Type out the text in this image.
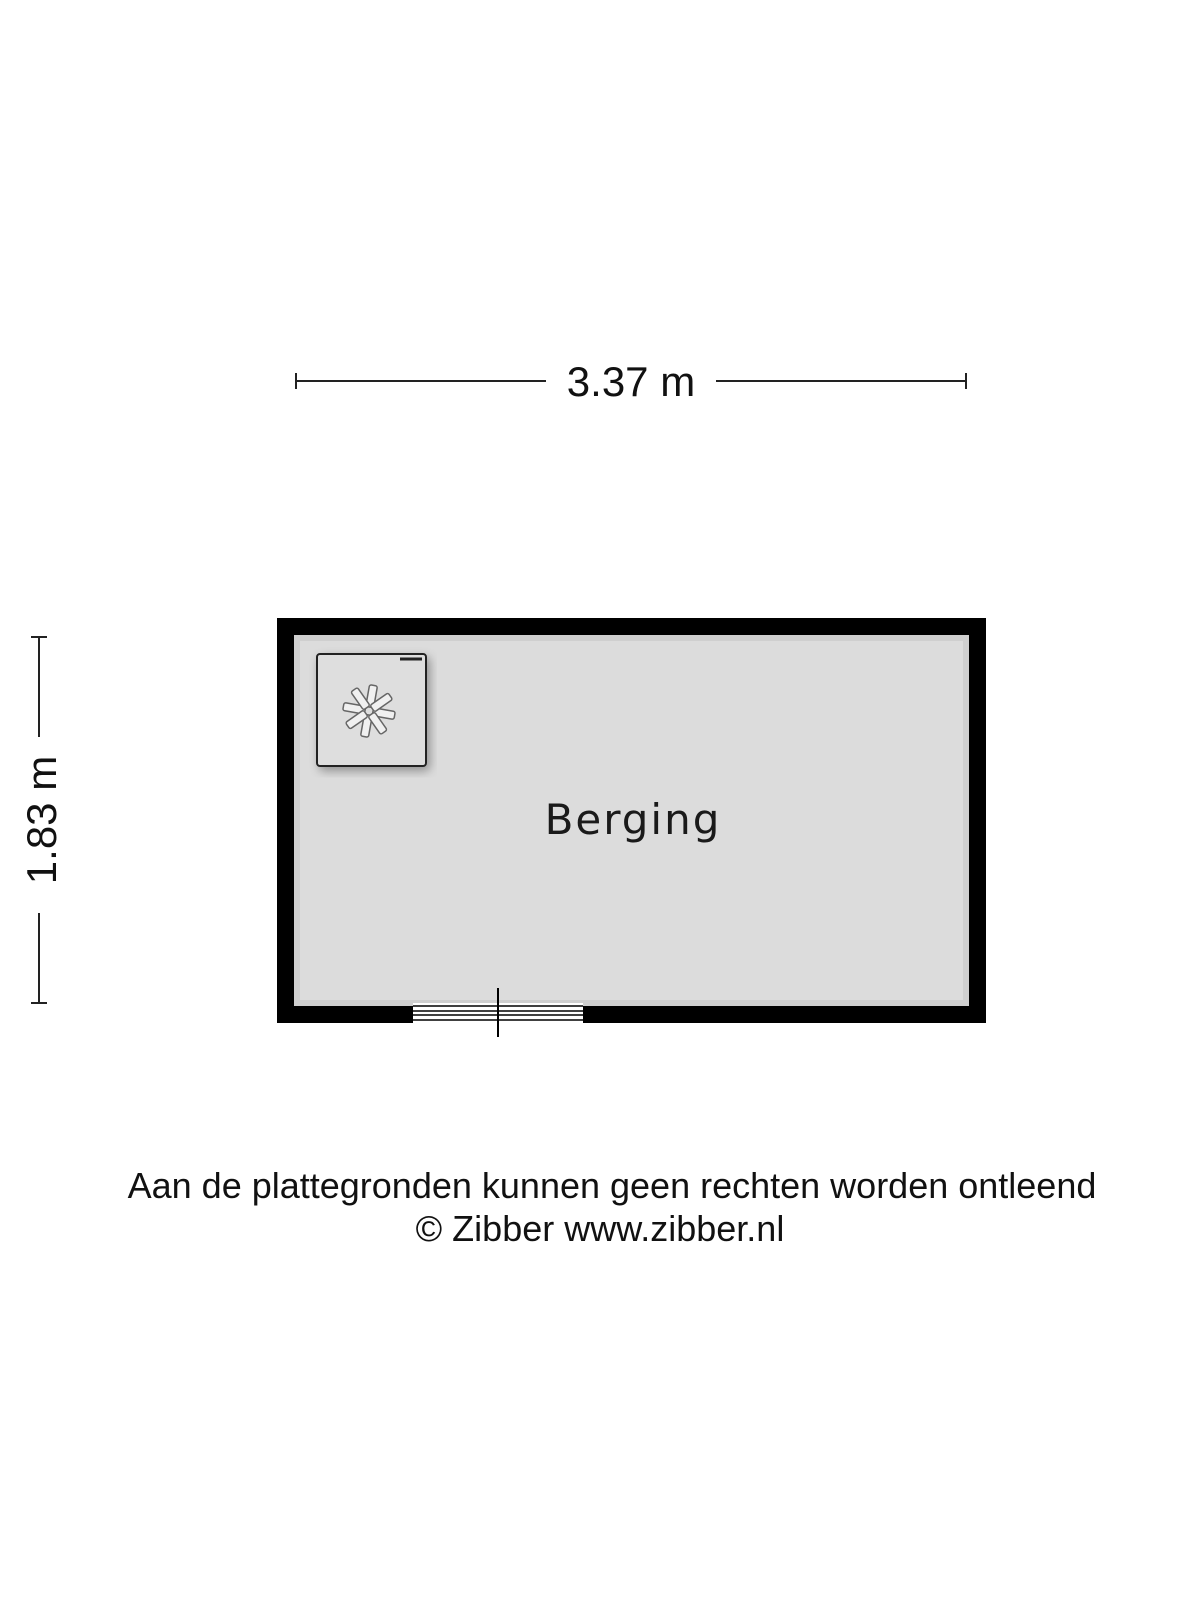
3.37 m
1.83 m	Berging
Aan de plattegronden kunnen geen rechten worden ontleend
© Zibber www.zibber.nl
